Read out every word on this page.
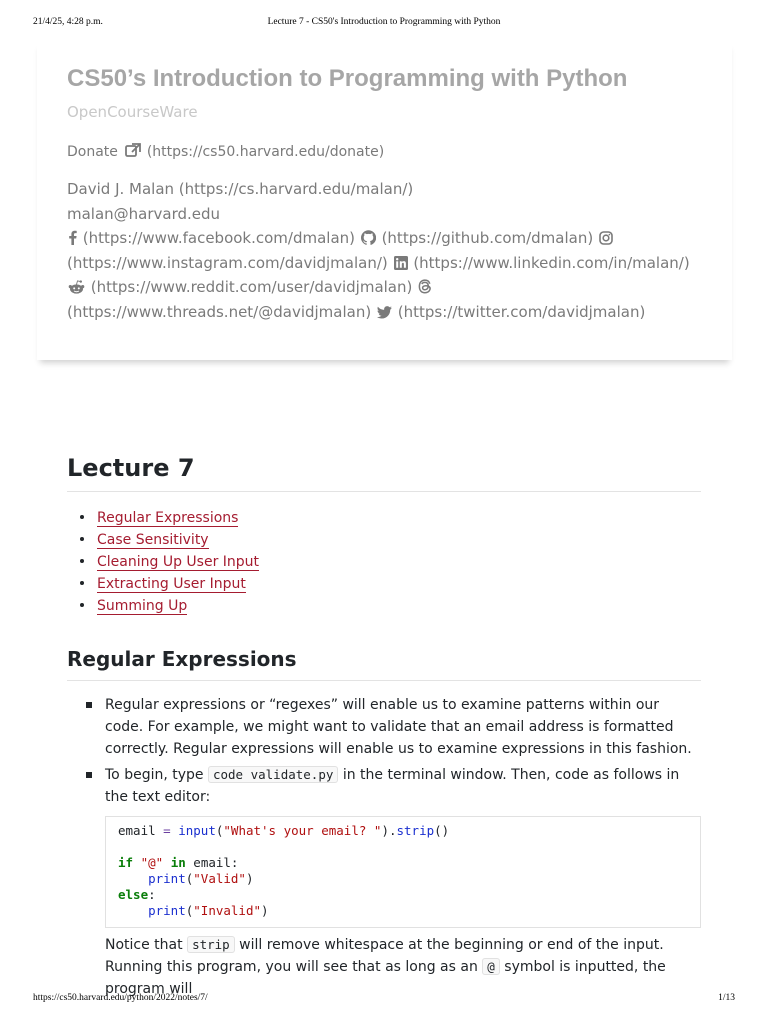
21/4/25, 4:28 p.m.	Lecture 7 - CS50's Introduction to Programming with Python
CS50’s Introduction to Programming with Python
OpenCourseWare
Donate (https://cs50.harvard.edu/donate)
David J. Malan (https://cs.harvard.edu/malan/)
malan@harvard.edu
(https://www.facebook.com/dmalan) (https://github.com/dmalan)
(https://www.instagram.com/davidjmalan/) (https://www.linkedin.com/in/malan/)
(https://www.reddit.com/user/davidjmalan)
(https://www.threads.net/@davidjmalan) (https://twitter.com/davidjmalan)
Lecture 7
Regular Expressions
Case Sensitivity
Cleaning Up User Input
Extracting User Input
Summing Up
Regular Expressions
Regular expressions or “regexes” will enable us to examine patterns within our code. For example, we might want to validate that an email address is formatted correctly. Regular expressions will enable us to examine expressions in this fashion.
To begin, type code validate.py in the terminal window. Then, code as follows in the text editor:
email = input("What's your email? ").strip()
if "@" in email:
print("Valid")
else:
print("Invalid")

Notice that strip will remove whitespace at the beginning or end of the input. Running this program, you will see that as long as an @ symbol is inputted, the program will

https://cs50.harvard.edu/python/2022/notes/7/	1/13
